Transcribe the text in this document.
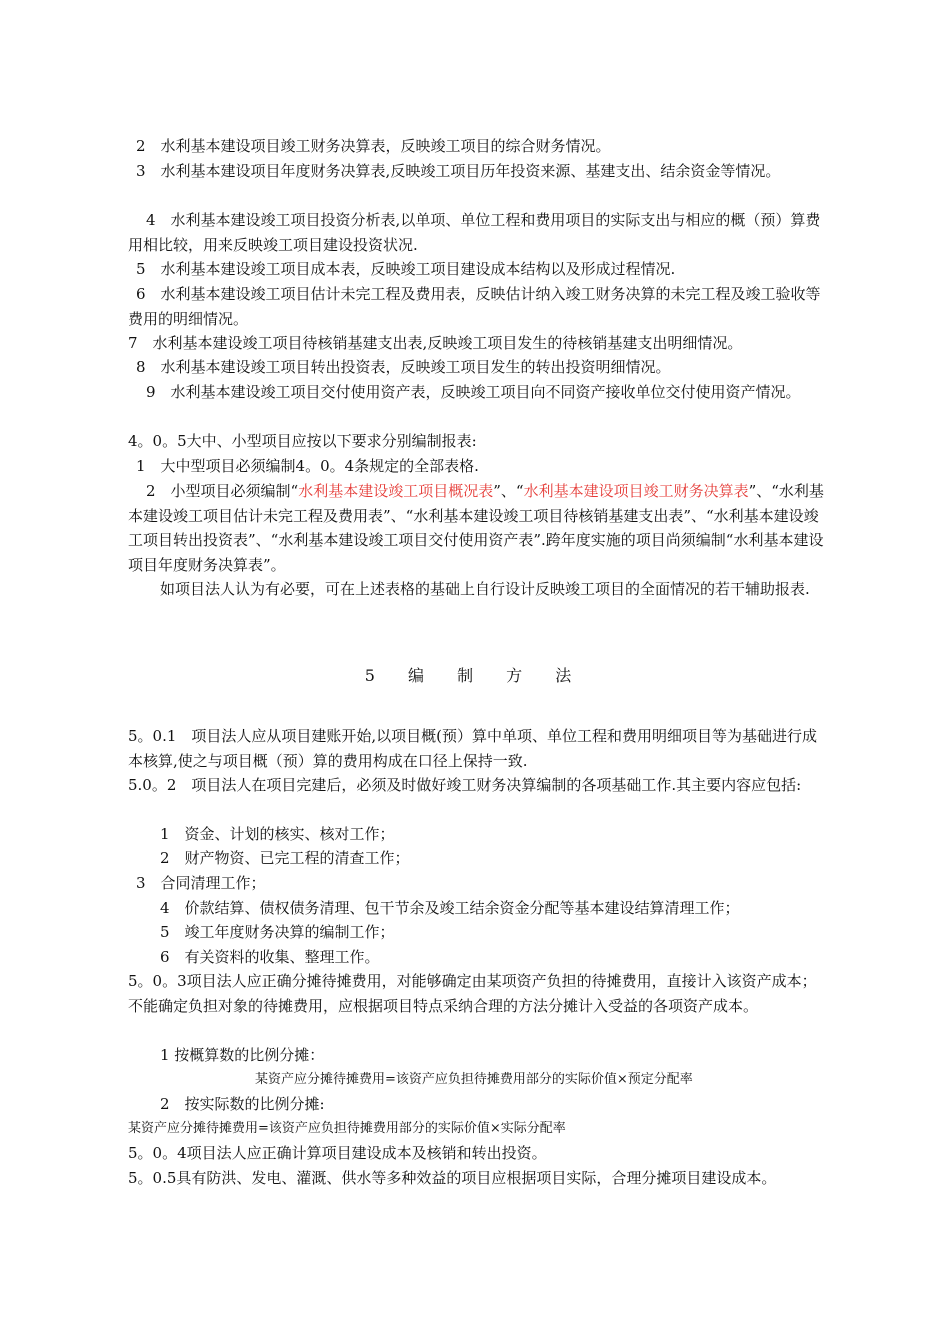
2　水利基本建设项目竣工财务决算表，反映竣工项目的综合财务情况。
3　水利基本建设项目年度财务决算表,反映竣工项目历年投资来源、基建支出、结余资金等情况。
4　水利基本建设竣工项目投资分析表,以单项、单位工程和费用项目的实际支出与相应的概（预）算费用相比较，用来反映竣工项目建设投资状况.
5　水利基本建设竣工项目成本表，反映竣工项目建设成本结构以及形成过程情况.
6　水利基本建设竣工项目估计未完工程及费用表，反映估计纳入竣工财务决算的未完工程及竣工验收等费用的明细情况。
7　水利基本建设竣工项目待核销基建支出表,反映竣工项目发生的待核销基建支出明细情况。
8　水利基本建设竣工项目转出投资表，反映竣工项目发生的转出投资明细情况。
9　水利基本建设竣工项目交付使用资产表，反映竣工项目向不同资产接收单位交付使用资产情况。
4。0。5大中、小型项目应按以下要求分别编制报表:
1　大中型项目必须编制4。0。4条规定的全部表格.
2　小型项目必须编制“水利基本建设竣工项目概况表”、“水利基本建设项目竣工财务决算表”、“水利基本建设竣工项目估计未完工程及费用表”、“水利基本建设竣工项目待核销基建支出表”、“水利基本建设竣工项目转出投资表”、“水利基本建设竣工项目交付使用资产表”.跨年度实施的项目尚须编制“水利基本建设项目年度财务决算表”。
如项目法人认为有必要，可在上述表格的基础上自行设计反映竣工项目的全面情况的若干辅助报表.
5 编 制 方 法
5。0.1　项目法人应从项目建账开始,以项目概(预）算中单项、单位工程和费用明细项目等为基础进行成本核算,使之与项目概（预）算的费用构成在口径上保持一致.
5.0。2　项目法人在项目完建后，必须及时做好竣工财务决算编制的各项基础工作.其主要内容应包括:
1　资金、计划的核实、核对工作；
2　财产物资、已完工程的清查工作；
3　合同清理工作；
4　价款结算、债权债务清理、包干节余及竣工结余资金分配等基本建设结算清理工作；
5　竣工年度财务决算的编制工作；
6　有关资料的收集、整理工作。
5。0。3项目法人应正确分摊待摊费用，对能够确定由某项资产负担的待摊费用，直接计入该资产成本；不能确定负担对象的待摊费用，应根据项目特点采纳合理的方法分摊计入受益的各项资产成本。
1 按概算数的比例分摊：
某资产应分摊待摊费用=该资产应负担待摊费用部分的实际价值×预定分配率
2　按实际数的比例分摊:
某资产应分摊待摊费用=该资产应负担待摊费用部分的实际价值×实际分配率
5。0。4项目法人应正确计算项目建设成本及核销和转出投资。
5。0.5具有防洪、发电、灌溉、供水等多种效益的项目应根据项目实际，合理分摊项目建设成本。
